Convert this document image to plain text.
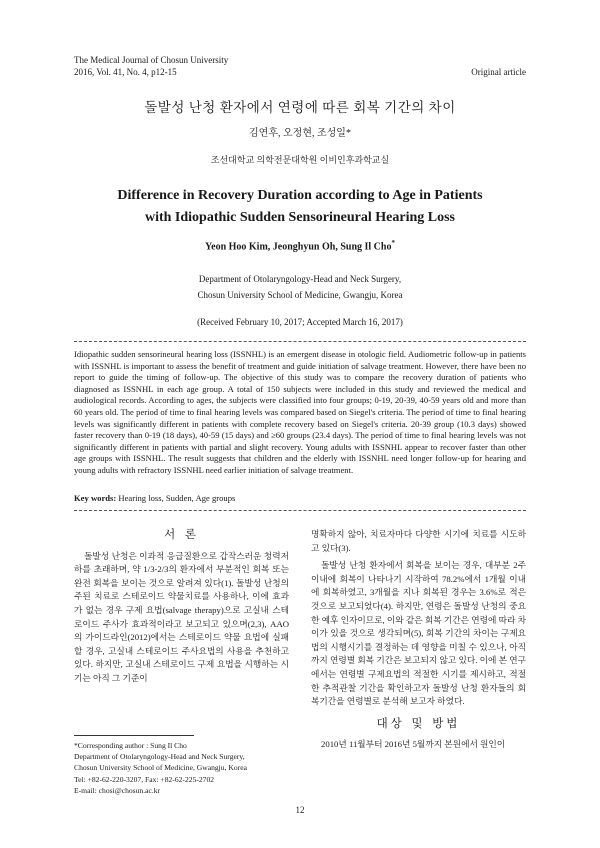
The Medical Journal of Chosun University
2016, Vol. 41, No. 4, p12-15	Original article
돌발성 난청 환자에서 연령에 따른 회복 기간의 차이
김연후, 오정현, 조성일*
조선대학교 의학전문대학원 이비인후과학교실
Difference in Recovery Duration according to Age in Patients
with Idiopathic Sudden Sensorineural Hearing Loss
Yeon Hoo Kim, Jeonghyun Oh, Sung Il Cho*
Department of Otolaryngology-Head and Neck Surgery,
Chosun University School of Medicine, Gwangju, Korea
(Received February 10, 2017; Accepted March 16, 2017)
Idiopathic sudden sensorineural hearing loss (ISSNHL) is an emergent disease in otologic field. Audiometric follow-up in patients with ISSNHL is important to assess the benefit of treatment and guide initiation of salvage treatment. However, there have been no report to guide the timing of follow-up. The objective of this study was to compare the recovery duration of patients who diagnosed as ISSNHL in each age group. A total of 150 subjects were included in this study and reviewed the medical and audiological records. According to ages, the subjects were classified into four groups; 0-19, 20-39, 40-59 years old and more than 60 years old. The period of time to final hearing levels was compared based on Siegel's criteria. The period of time to final hearing levels was significantly different in patients with complete recovery based on Siegel's criteria. 20-39 group (10.3 days) showed faster recovery than 0-19 (18 days), 40-59 (15 days) and ≥60 groups (23.4 days). The period of time to final hearing levels was not significantly different in patients with partial and slight recovery. Young adults with ISSNHL appear to recover faster than other age groups with ISSNHL. The result suggests that children and the elderly with ISSNHL need longer follow-up for hearing and young adults with refractory ISSNHL need earlier initiation of salvage treatment.
Key words: Hearing loss, Sudden, Age groups
서 론

돌발성 난청은 이과적 응급질환으로 갑작스러운 청력저하를 초래하며, 약 1/3-2/3의 환자에서 부분적인 회복 또는 완전 회복을 보이는 것으로 알려져 있다(1). 돌발성 난청의 주된 치료로 스테로이드 약물치료를 사용하나, 이에 효과가 없는 경우 구제 요법(salvage therapy)으로 고실내 스테로이드 주사가 효과적이라고 보고되고 있으며(2,3), AAO의 가이드라인(2012)에서는 스테로이드 약물 요법에 실패할 경우, 고실내 스테로이드 주사요법의 사용을 추천하고 있다. 하지만, 고실내 스테로이드 구제 요법을 시행하는 시기는 아직 그 기준이

명확하지 않아, 치료자마다 다양한 시기에 치료를 시도하고 있다(3).

돌발성 난청 환자에서 회복을 보이는 경우, 대부분 2주 이내에 회복이 나타나기 시작하여 78.2%에서 1개월 이내에 회복하였고, 3개월을 지나 회복된 경우는 3.6%로 적은 것으로 보고되었다(4). 하지만, 연령은 돌발성 난청의 중요한 예후 인자이므로, 이와 같은 회복 기간은 연령에 따라 차이가 있을 것으로 생각되며(5), 회복 기간의 차이는 구제요법의 시행시기를 결정하는 데 영향을 미칠 수 있으나, 아직까지 연령별 회복 기간은 보고되지 않고 있다. 이에 본 연구에서는 연령별 구제요법의 적절한 시기를 제시하고, 적절한 추적관찰 기간을 확인하고자 돌발성 난청 환자들의 회복기간을 연령별로 분석해 보고자 하였다.

대상 및 방법

2010년 11월부터 2016년 5월까지 본원에서 원인이

*Corresponding author : Sung Il Cho
Department of Otolaryngology-Head and Neck Surgery,
Chosun University School of Medicine, Gwangju, Korea
Tel: +82-62-220-3207, Fax: +82-62-225-2702
E-mail: chosi@chosun.ac.kr
12
